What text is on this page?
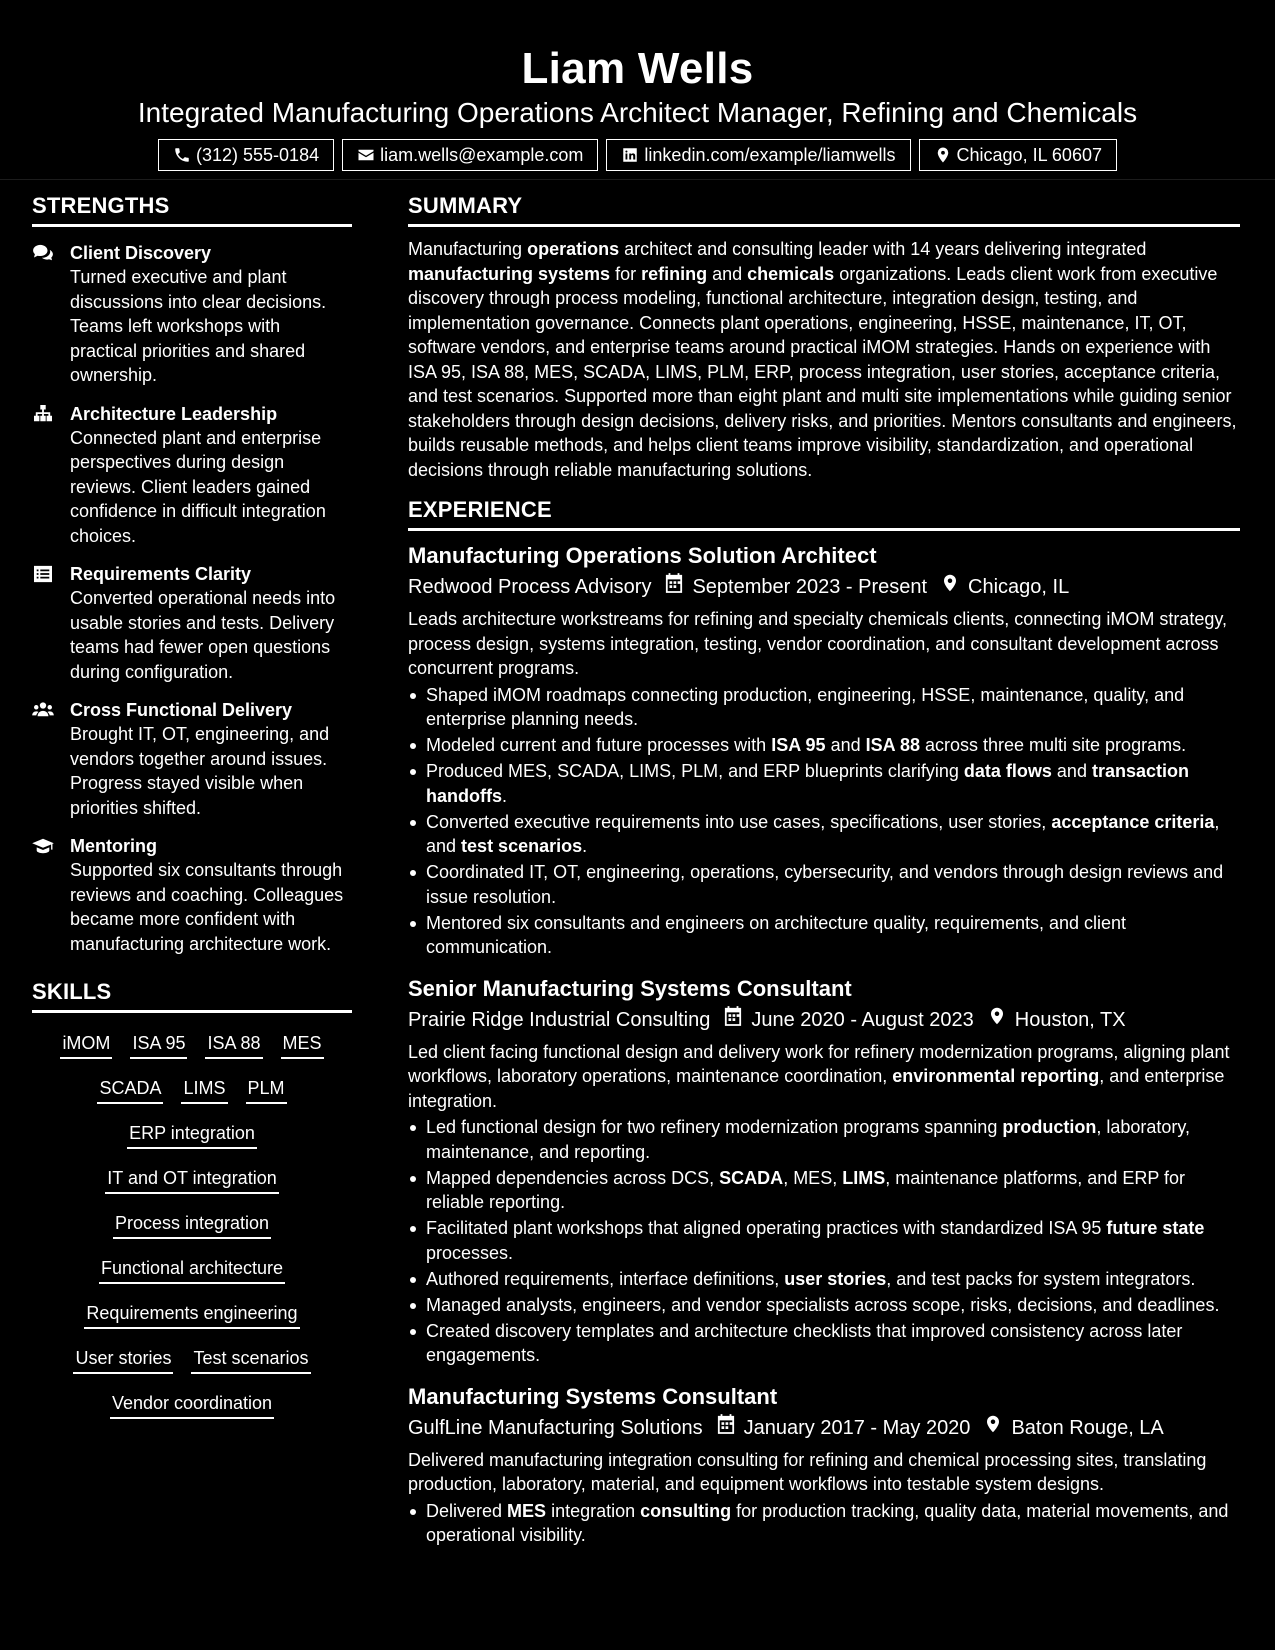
Liam Wells
Integrated Manufacturing Operations Architect Manager, Refining and Chemicals
(312) 555-0184	liam.wells@example.com	linkedin.com/example/liamwells	Chicago, IL 60607
STRENGTHS
Client Discovery
Turned executive and plant discussions into clear decisions. Teams left workshops with practical priorities and shared ownership.
Architecture Leadership
Connected plant and enterprise perspectives during design reviews. Client leaders gained confidence in difficult integration choices.
Requirements Clarity
Converted operational needs into usable stories and tests. Delivery teams had fewer open questions during configuration.
Cross Functional Delivery
Brought IT, OT, engineering, and vendors together around issues. Progress stayed visible when priorities shifted.
Mentoring
Supported six consultants through reviews and coaching. Colleagues became more confident with manufacturing architecture work.
SKILLS
iMOM ISA 95 ISA 88 MES
SCADA LIMS PLM
ERP integration
IT and OT integration
Process integration
Functional architecture
Requirements engineering
User stories Test scenarios
Vendor coordination
SUMMARY

Manufacturing operations architect and consulting leader with 14 years delivering integrated manufacturing systems for refining and chemicals organizations. Leads client work from executive discovery through process modeling, functional architecture, integration design, testing, and implementation governance. Connects plant operations, engineering, HSSE, maintenance, IT, OT, software vendors, and enterprise teams around practical iMOM strategies. Hands on experience with ISA 95, ISA 88, MES, SCADA, LIMS, PLM, ERP, process integration, user stories, acceptance criteria, and test scenarios. Supported more than eight plant and multi site implementations while guiding senior stakeholders through design decisions, delivery risks, and priorities. Mentors consultants and engineers, builds reusable methods, and helps client teams improve visibility, standardization, and operational decisions through reliable manufacturing solutions.

EXPERIENCE
Manufacturing Operations Solution Architect
Redwood Process Advisory September 2023 - Present Chicago, IL

Leads architecture workstreams for refining and specialty chemicals clients, connecting iMOM strategy, process design, systems integration, testing, vendor coordination, and consultant development across concurrent programs.

Shaped iMOM roadmaps connecting production, engineering, HSSE, maintenance, quality, and enterprise planning needs.
Modeled current and future processes with ISA 95 and ISA 88 across three multi site programs.
Produced MES, SCADA, LIMS, PLM, and ERP blueprints clarifying data flows and transaction handoffs.
Converted executive requirements into use cases, specifications, user stories, acceptance criteria, and test scenarios.
Coordinated IT, OT, engineering, operations, cybersecurity, and vendors through design reviews and issue resolution.
Mentored six consultants and engineers on architecture quality, requirements, and client communication.
Senior Manufacturing Systems Consultant
Prairie Ridge Industrial Consulting June 2020 - August 2023 Houston, TX

Led client facing functional design and delivery work for refinery modernization programs, aligning plant workflows, laboratory operations, maintenance coordination, environmental reporting, and enterprise integration.

Led functional design for two refinery modernization programs spanning production, laboratory, maintenance, and reporting.
Mapped dependencies across DCS, SCADA, MES, LIMS, maintenance platforms, and ERP for reliable reporting.
Facilitated plant workshops that aligned operating practices with standardized ISA 95 future state processes.
Authored requirements, interface definitions, user stories, and test packs for system integrators.
Managed analysts, engineers, and vendor specialists across scope, risks, decisions, and deadlines.
Created discovery templates and architecture checklists that improved consistency across later engagements.
Manufacturing Systems Consultant
GulfLine Manufacturing Solutions January 2017 - May 2020 Baton Rouge, LA

Delivered manufacturing integration consulting for refining and chemical processing sites, translating production, laboratory, material, and equipment workflows into testable system designs.

Delivered MES integration consulting for production tracking, quality data, material movements, and operational visibility.
